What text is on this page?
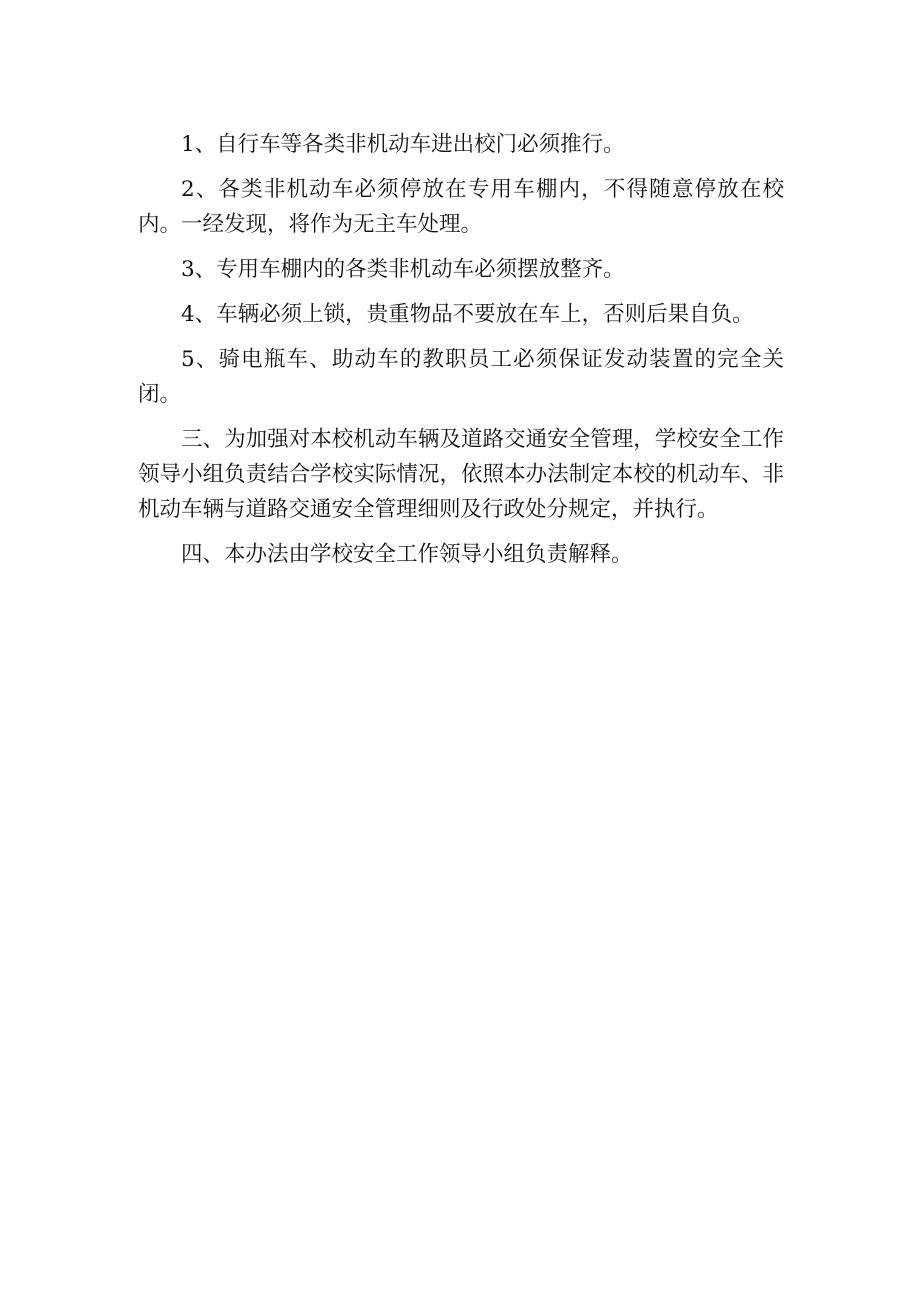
1、自行车等各类非机动车进出校门必须推行。

2、各类非机动车必须停放在专用车棚内，不得随意停放在校内。一经发现，将作为无主车处理。

3、专用车棚内的各类非机动车必须摆放整齐。

4、车辆必须上锁，贵重物品不要放在车上，否则后果自负。

5、骑电瓶车、助动车的教职员工必须保证发动装置的完全关闭。

三、为加强对本校机动车辆及道路交通安全管理，学校安全工作领导小组负责结合学校实际情况，依照本办法制定本校的机动车、非机动车辆与道路交通安全管理细则及行政处分规定，并执行。

四、本办法由学校安全工作领导小组负责解释。
